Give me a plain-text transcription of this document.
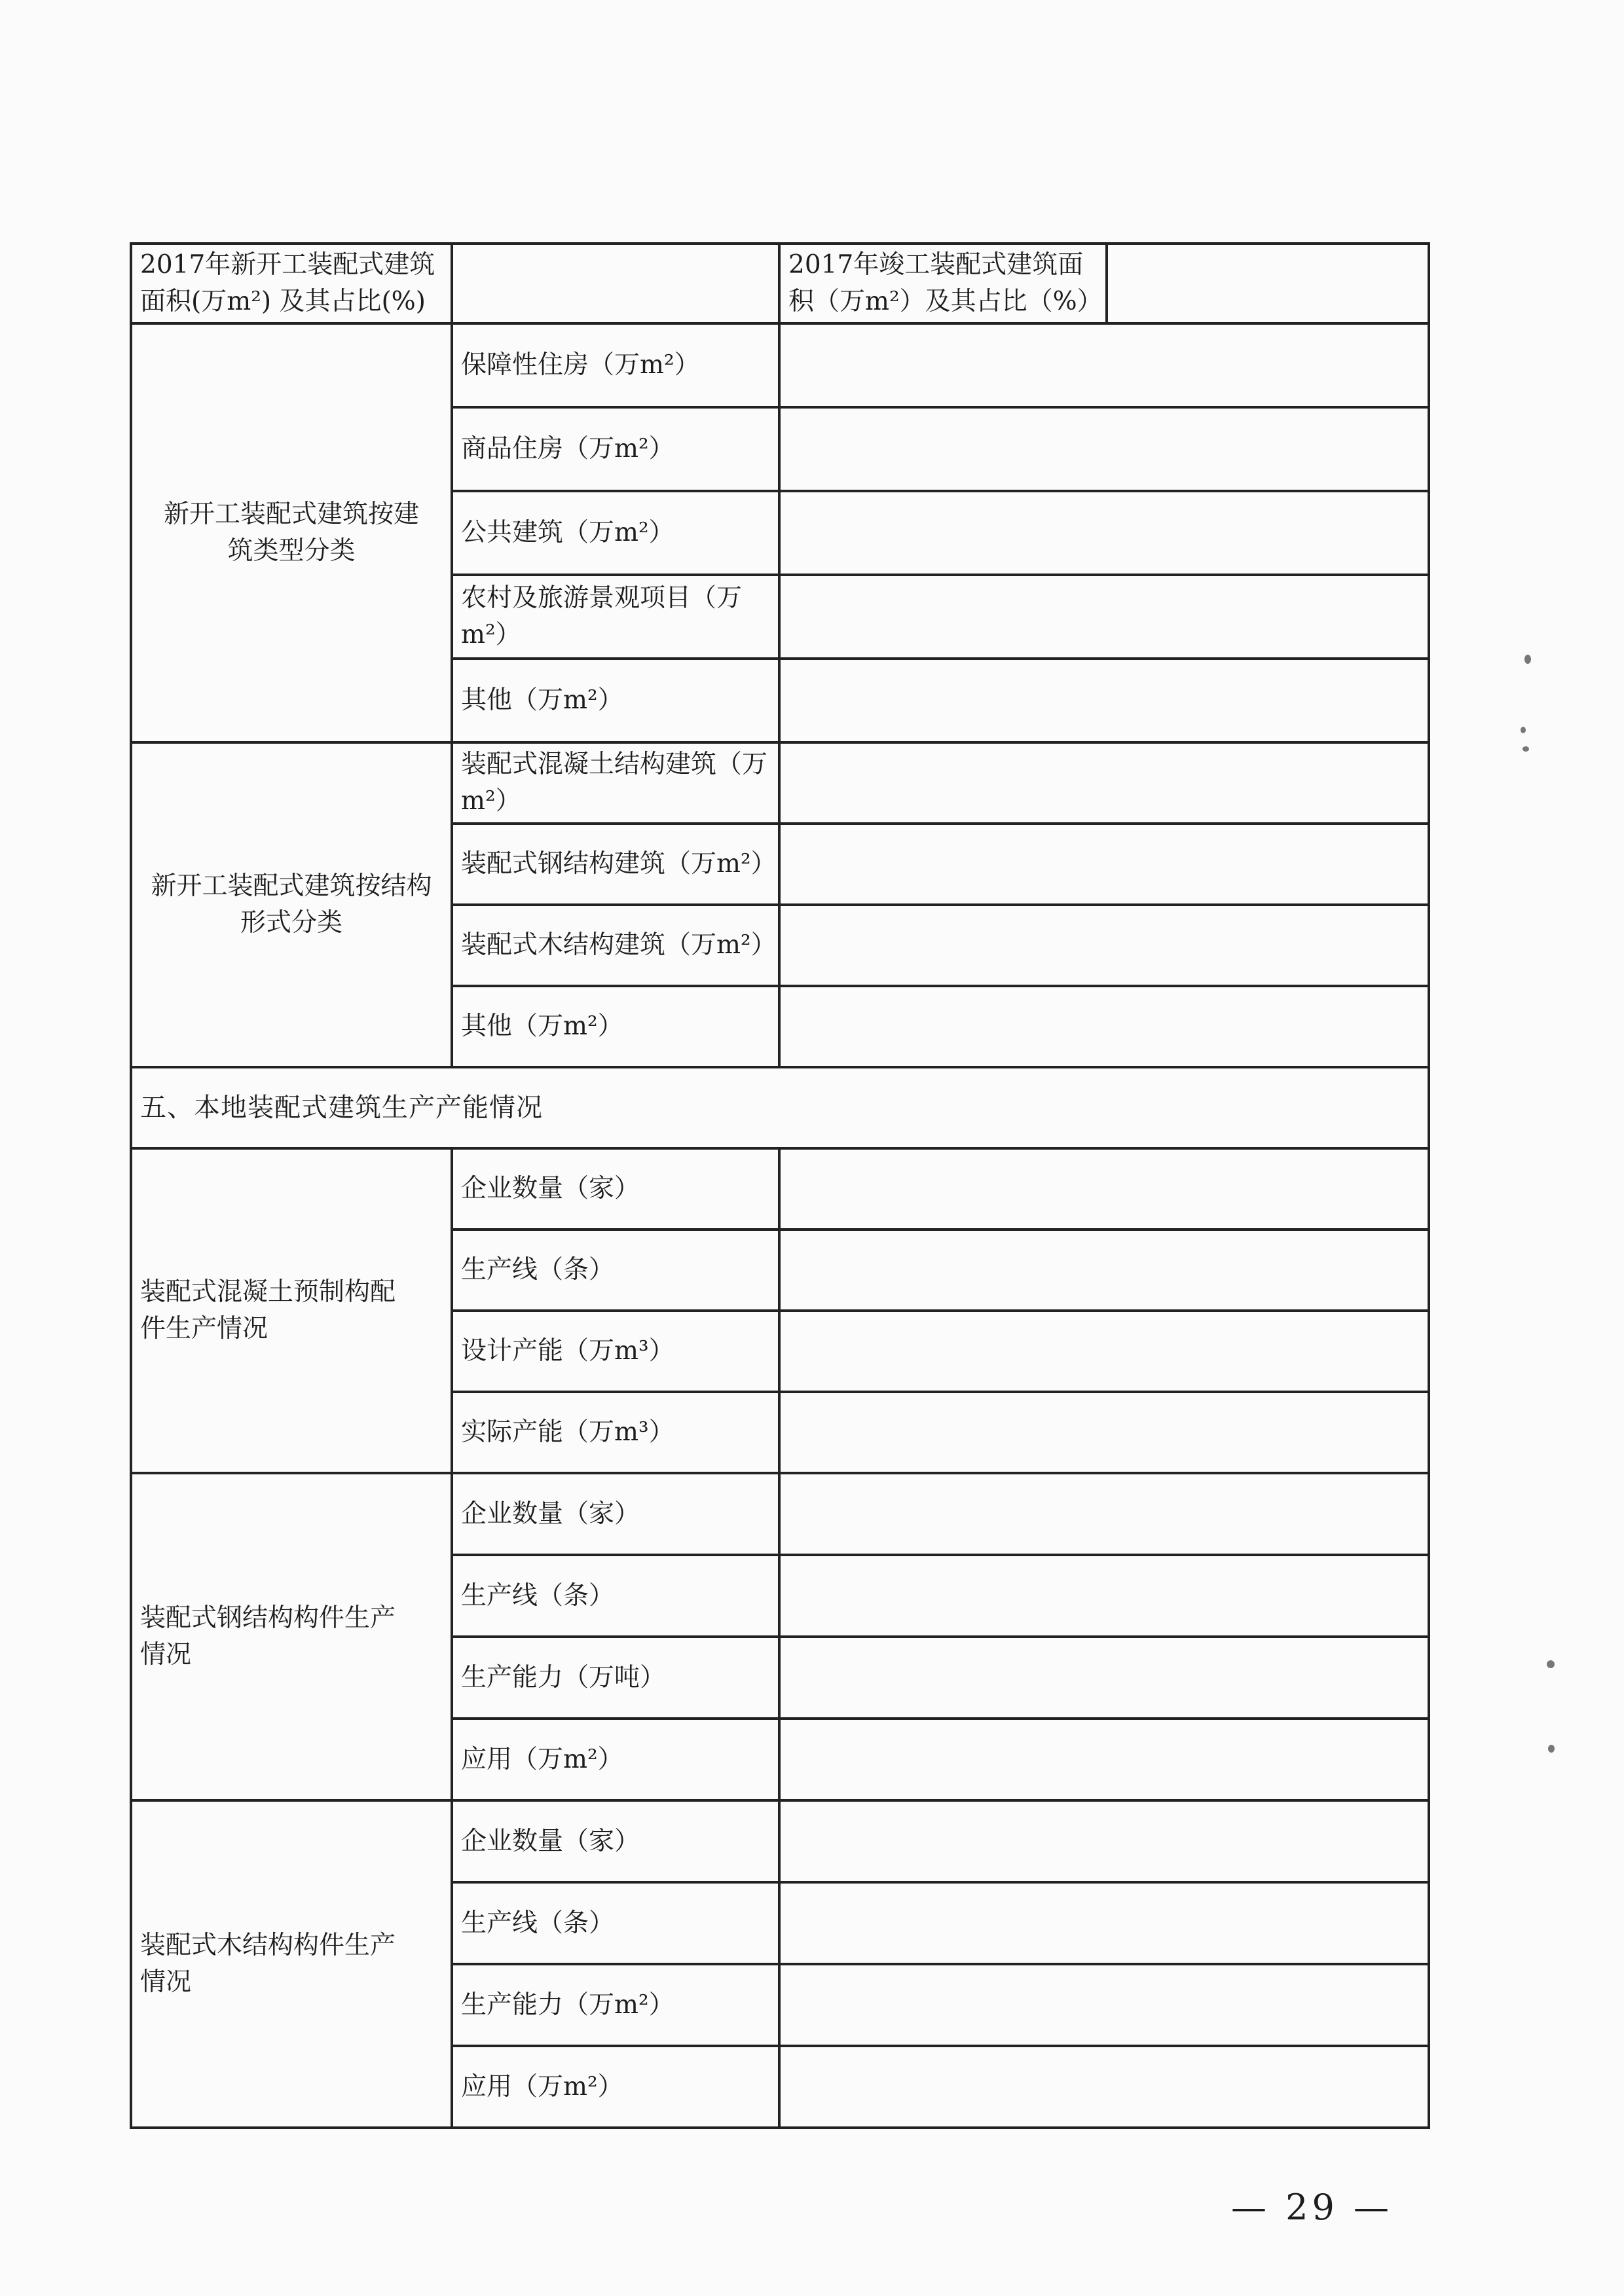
2017年新开工装配式建筑面积(万m²) 及其占比(%)
2017年竣工装配式建筑面积（万m²）及其占比（%）
新开工装配式建筑按建筑类型分类
保障性住房（万m²）
商品住房（万m²）
公共建筑（万m²）
农村及旅游景观项目（万m²）
其他（万m²）
新开工装配式建筑按结构形式分类
装配式混凝土结构建筑（万m²）
装配式钢结构建筑（万m²）
装配式木结构建筑（万m²）
其他（万m²）
五、本地装配式建筑生产产能情况
装配式混凝土预制构配件生产情况
企业数量（家）
生产线（条）
设计产能（万m³）
实际产能（万m³）
装配式钢结构构件生产情况
企业数量（家）
生产线（条）
生产能力（万吨）
应用（万m²）
装配式木结构构件生产情况
企业数量（家）
生产线（条）
生产能力（万m²）
应用（万m²）
— 29 —
